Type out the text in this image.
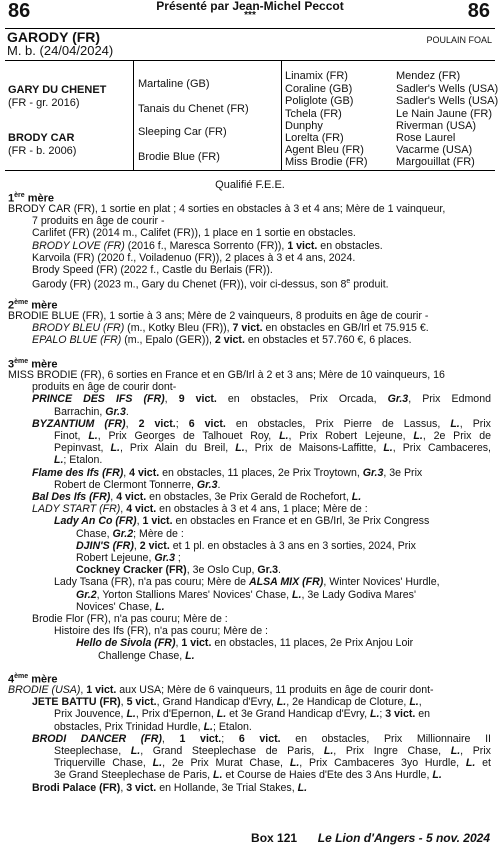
86	86
Présenté par Jean-Michel Peccot
***
GARODY (FR)	POULAIN FOAL
M. b. (24/04/2024)
GARY DU CHENET
(FR - gr. 2016)
BRODY CAR
(FR - b. 2006)
Martaline (GB)
Tanais du Chenet (FR)
Sleeping Car (FR)
Brodie Blue (FR)
Linamix (FR)
Coraline (GB)
Poliglote (GB)
Tchela (FR)
Dunphy
Lorelta (FR)
Agent Bleu (FR)
Miss Brodie (FR)
Mendez (FR)
Sadler's Wells (USA)
Sadler's Wells (USA)
Le Nain Jaune (FR)
Riverman (USA)
Rose Laurel
Vacarme (USA)
Margouillat (FR)
Qualifié F.E.E.
1ère mère
BRODY CAR (FR), 1 sortie en plat ; 4 sorties en obstacles à 3 et 4 ans; Mère de 1 vainqueur,
7 produits en âge de courir -
Carlifet (FR) (2014 m., Califet (FR)), 1 place en 1 sortie en obstacles.
BRODY LOVE (FR) (2016 f., Maresca Sorrento (FR)), 1 vict. en obstacles.
Karvoila (FR) (2020 f., Voiladenuo (FR)), 2 places à 3 et 4 ans, 2024.
Brody Speed (FR) (2022 f., Castle du Berlais (FR)).
Garody (FR) (2023 m., Gary du Chenet (FR)), voir ci-dessus, son 8e produit.
2ème mère
BRODIE BLUE (FR), 1 sortie à 3 ans; Mère de 2 vainqueurs, 8 produits en âge de courir -
BRODY BLEU (FR) (m., Kotky Bleu (FR)), 7 vict. en obstacles en GB/Irl et 75.915 €.
EPALO BLUE (FR) (m., Epalo (GER)), 2 vict. en obstacles et 57.760 €, 6 places.
3ème mère
MISS BRODIE (FR), 6 sorties en France et en GB/Irl à 2 et 3 ans; Mère de 10 vainqueurs, 16
produits en âge de courir dont-
PRINCE DES IFS (FR), 9 vict. en obstacles, Prix Orcada, Gr.3, Prix Edmond
Barrachin, Gr.3.
BYZANTIUM (FR), 2 vict.; 6 vict. en obstacles, Prix Pierre de Lassus, L., Prix
Finot, L., Prix Georges de Talhouet Roy, L., Prix Robert Lejeune, L., 2e Prix de
Pepinvast, L., Prix Alain du Breil, L., Prix de Maisons-Laffitte, L., Prix Cambaceres,
L.; Etalon.
Flame des Ifs (FR), 4 vict. en obstacles, 11 places, 2e Prix Troytown, Gr.3, 3e Prix
Robert de Clermont Tonnerre, Gr.3.
Bal Des Ifs (FR), 4 vict. en obstacles, 3e Prix Gerald de Rochefort, L.
LADY START (FR), 4 vict. en obstacles à 3 et 4 ans, 1 place; Mère de :
Lady An Co (FR), 1 vict. en obstacles en France et en GB/Irl, 3e Prix Congress
Chase, Gr.2; Mère de :
DJIN'S (FR), 2 vict. et 1 pl. en obstacles à 3 ans en 3 sorties, 2024, Prix
Robert Lejeune, Gr.3 ;
Cockney Cracker (FR), 3e Oslo Cup, Gr.3.
Lady Tsana (FR), n'a pas couru; Mère de ALSA MIX (FR), Winter Novices' Hurdle,
Gr.2, Yorton Stallions Mares' Novices' Chase, L., 3e Lady Godiva Mares'
Novices' Chase, L.
Brodie Flor (FR), n'a pas couru; Mère de :
Histoire des Ifs (FR), n'a pas couru; Mère de :
Hello de Sivola (FR), 1 vict. en obstacles, 11 places, 2e Prix Anjou Loir
Challenge Chase, L.
4ème mère
BRODIE (USA), 1 vict. aux USA; Mère de 6 vainqueurs, 11 produits en âge de courir dont-
JETE BATTU (FR), 5 vict., Grand Handicap d'Evry, L., 2e Handicap de Cloture, L.,
Prix Jouvence, L., Prix d'Epernon, L. et 3e Grand Handicap d'Evry, L.; 3 vict. en
obstacles, Prix Trinidad Hurdle, L.; Etalon.
BRODI DANCER (FR), 1 vict.; 6 vict. en obstacles, Prix Millionnaire II
Steeplechase, L., Grand Steeplechase de Paris, L., Prix Ingre Chase, L., Prix
Triquerville Chase, L., 2e Prix Murat Chase, L., Prix Cambaceres 3yo Hurdle, L. et
3e Grand Steeplechase de Paris, L. et Course de Haies d'Ete des 3 Ans Hurdle, L.
Brodi Palace (FR), 3 vict. en Hollande, 3e Trial Stakes, L.
Box 121 Le Lion d'Angers - 5 nov. 2024
